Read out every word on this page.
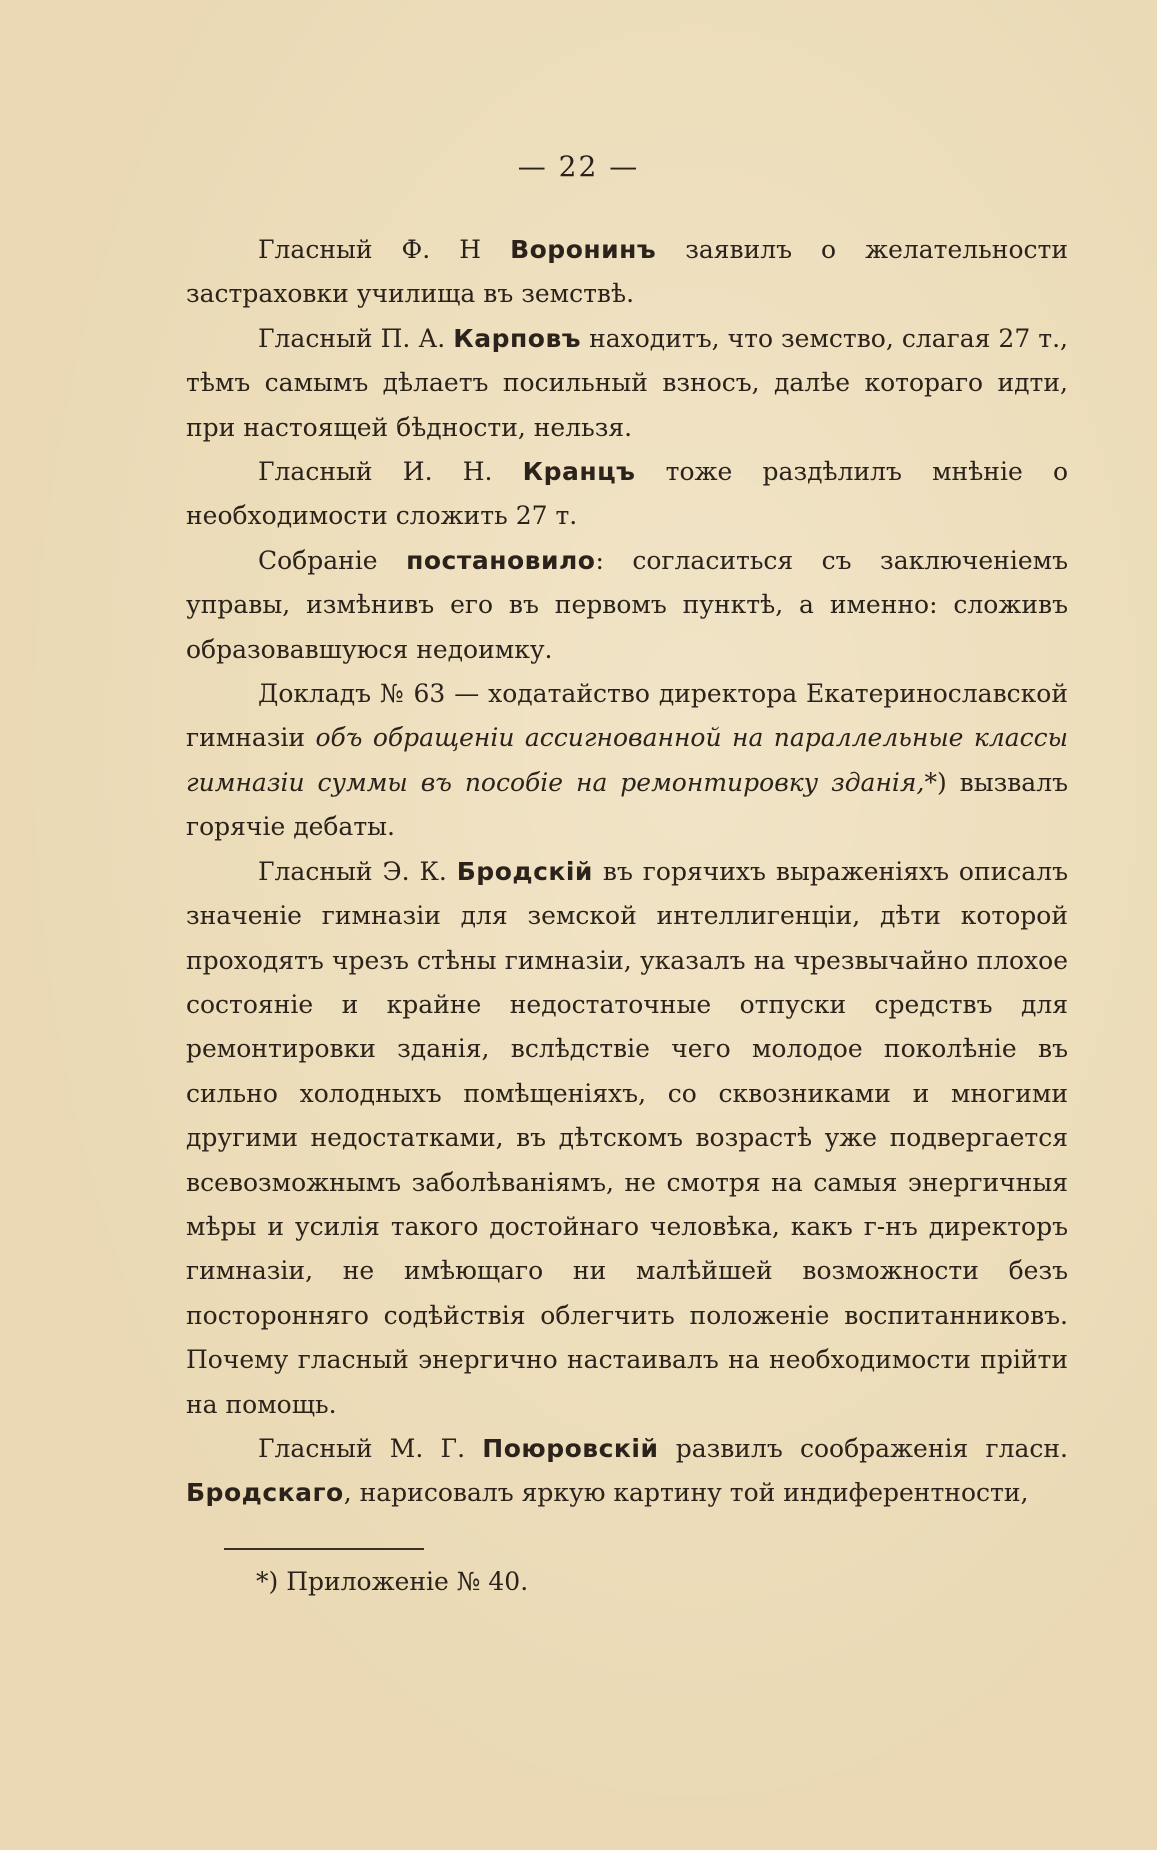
— 22 —

Гласный Ф. Н Воронинъ заявилъ о желательности застраховки училища въ земствѣ.

Гласный П. А. Карповъ находитъ, что земство, слагая 27 т., тѣмъ самымъ дѣлаетъ посильный взносъ, далѣе котораго идти, при настоящей бѣдности, нельзя.

Гласный И. Н. Кранцъ тоже раздѣлилъ мнѣніе о необходимости сложить 27 т.

Собраніе постановило: согласиться съ заключеніемъ управы, измѣнивъ его въ первомъ пунктѣ, а именно: сложивъ образовавшуюся недоимку.

Докладъ № 63 — ходатайство директора Екатеринославской гимназіи объ обращеніи ассигнованной на параллельные классы гимназіи суммы въ пособіе на ремонтировку зданія,*) вызвалъ горячіе дебаты.

Гласный Э. К. Бродскій въ горячихъ выраженіяхъ описалъ значеніе гимназіи для земской интеллигенціи, дѣти которой проходятъ чрезъ стѣны гимназіи, указалъ на чрезвычайно плохое состояніе и крайне недостаточные отпуски средствъ для ремонтировки зданія, вслѣдствіе чего молодое поколѣніе въ сильно холодныхъ помѣщеніяхъ, со сквозниками и многими другими недостатками, въ дѣтскомъ возрастѣ уже подвергается всевозможнымъ заболѣваніямъ, не смотря на самыя энергичныя мѣры и усилія такого достойнаго человѣка, какъ г-нъ директоръ гимназіи, не имѣющаго ни малѣйшей возможности безъ посторонняго содѣйствія облегчить положеніе воспитанниковъ. Почему гласный энергично настаивалъ на необходимости прійти на помощь.

Гласный М. Г. Поюровскій развилъ соображенія гласн. Бродскаго, нарисовалъ яркую картину той индиферентности,

*) Приложеніе № 40.
